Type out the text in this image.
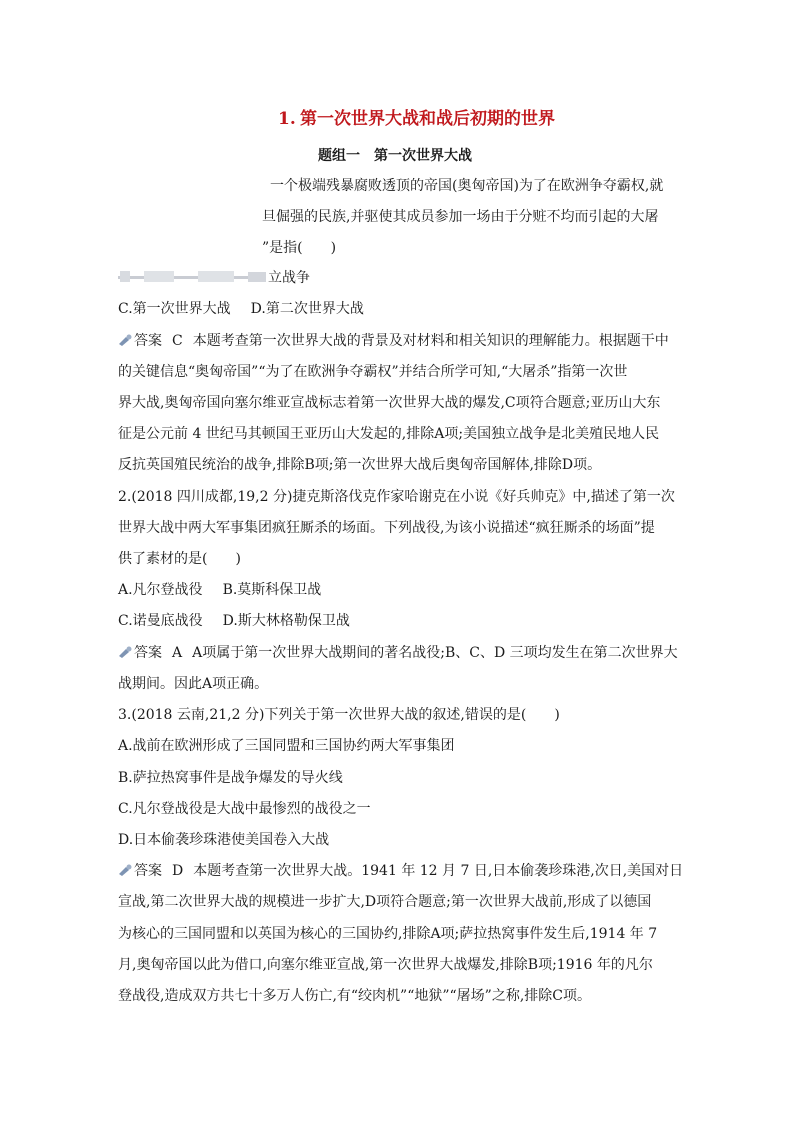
1. 第一次世界大战和战后初期的世界
题组一　第一次世界大战
一个极端残暴腐败透顶的帝国(奥匈帝国)为了在欧洲争夺霸权,就
旦倔强的民族,并驱使其成员参加一场由于分赃不均而引起的大屠
”是指(　　)
立战争
C.第一次世界大战 D.第二次世界大战
答案 C 本题考查第一次世界大战的背景及对材料和相关知识的理解能力。根据题干中
的关键信息“奥匈帝国”“为了在欧洲争夺霸权”并结合所学可知,“大屠杀”指第一次世
界大战,奥匈帝国向塞尔维亚宣战标志着第一次世界大战的爆发,C项符合题意;亚历山大东
征是公元前 4 世纪马其顿国王亚历山大发起的,排除A项;美国独立战争是北美殖民地人民
反抗英国殖民统治的战争,排除B项;第一次世界大战后奥匈帝国解体,排除D项。
2.(2018 四川成都,19,2 分)捷克斯洛伐克作家哈谢克在小说《好兵帅克》中,描述了第一次
世界大战中两大军事集团疯狂厮杀的场面。下列战役,为该小说描述“疯狂厮杀的场面”提
供了素材的是(　　)
A.凡尔登战役 B.莫斯科保卫战
C.诺曼底战役 D.斯大林格勒保卫战
答案 A A项属于第一次世界大战期间的著名战役;B、C、D 三项均发生在第二次世界大
战期间。因此A项正确。
3.(2018 云南,21,2 分)下列关于第一次世界大战的叙述,错误的是(　　)
A.战前在欧洲形成了三国同盟和三国协约两大军事集团
B.萨拉热窝事件是战争爆发的导火线
C.凡尔登战役是大战中最惨烈的战役之一
D.日本偷袭珍珠港使美国卷入大战
答案 D 本题考查第一次世界大战。1941 年 12 月 7 日,日本偷袭珍珠港,次日,美国对日
宣战,第二次世界大战的规模进一步扩大,D项符合题意;第一次世界大战前,形成了以德国
为核心的三国同盟和以英国为核心的三国协约,排除A项;萨拉热窝事件发生后,1914 年 7
月,奥匈帝国以此为借口,向塞尔维亚宣战,第一次世界大战爆发,排除B项;1916 年的凡尔
登战役,造成双方共七十多万人伤亡,有“绞肉机”“地狱”“屠场”之称,排除C项。
